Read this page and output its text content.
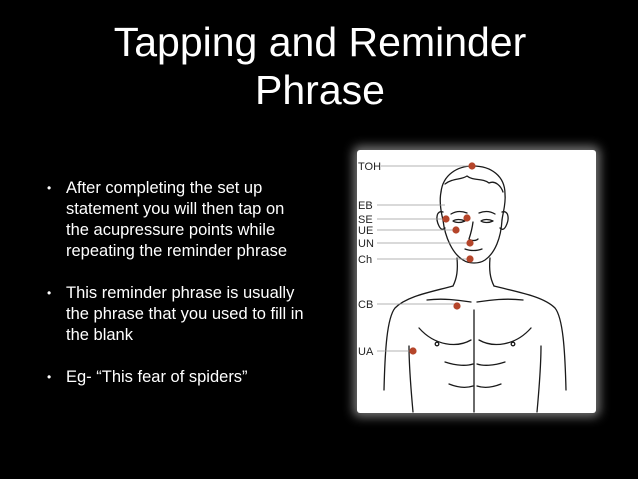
Tapping and Reminder
Phrase
• After completing the set up statement you will then tap on the acupressure points while repeating the reminder phrase
• This reminder phrase is usually the phrase that you used to fill in the blank
• Eg- “This fear of spiders”
TOH
EB
SE
UE
UN
Ch
CB
UA
